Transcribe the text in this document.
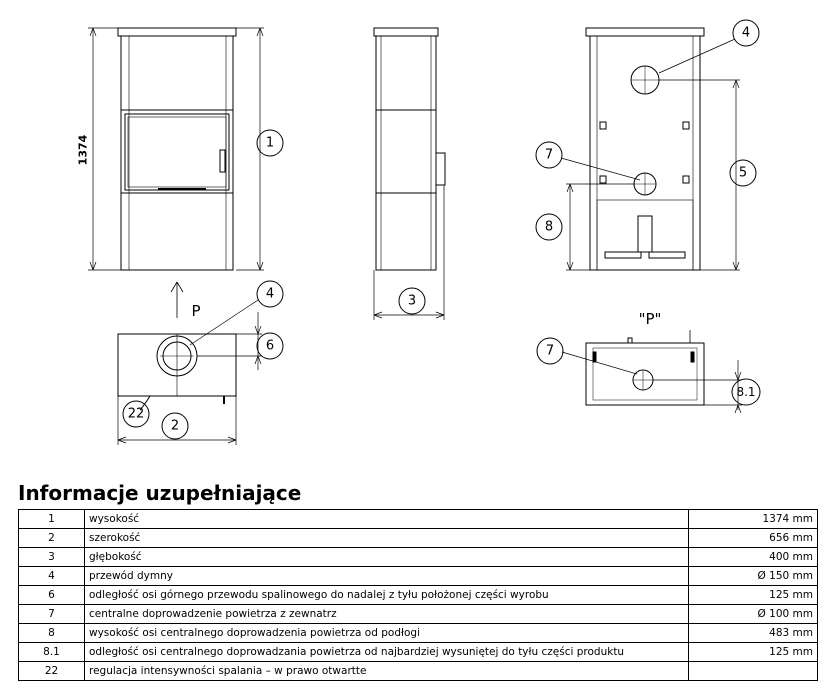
1374	1
3
4
5
7
8
4
6
22
2
7
8.1
P	"P"
Informacje uzupełniające
1	wysokość	1374 mm
2	szerokość	656 mm
3	głębokość	400 mm
4	przewód dymny	Ø 150 mm
6	odległość osi górnego przewodu spalinowego do nadalej z tyłu położonej części wyrobu	125 mm
7	centralne doprowadzenie powietrza z zewnatrz	Ø 100 mm
8	wysokość osi centralnego doprowadzenia powietrza od podłogi	483 mm
8.1	odległość osi centralnego doprowadzania powietrza od najbardziej wysuniętej do tyłu części produktu	125 mm
22	regulacja intensywności spalania – w prawo otwartte	
